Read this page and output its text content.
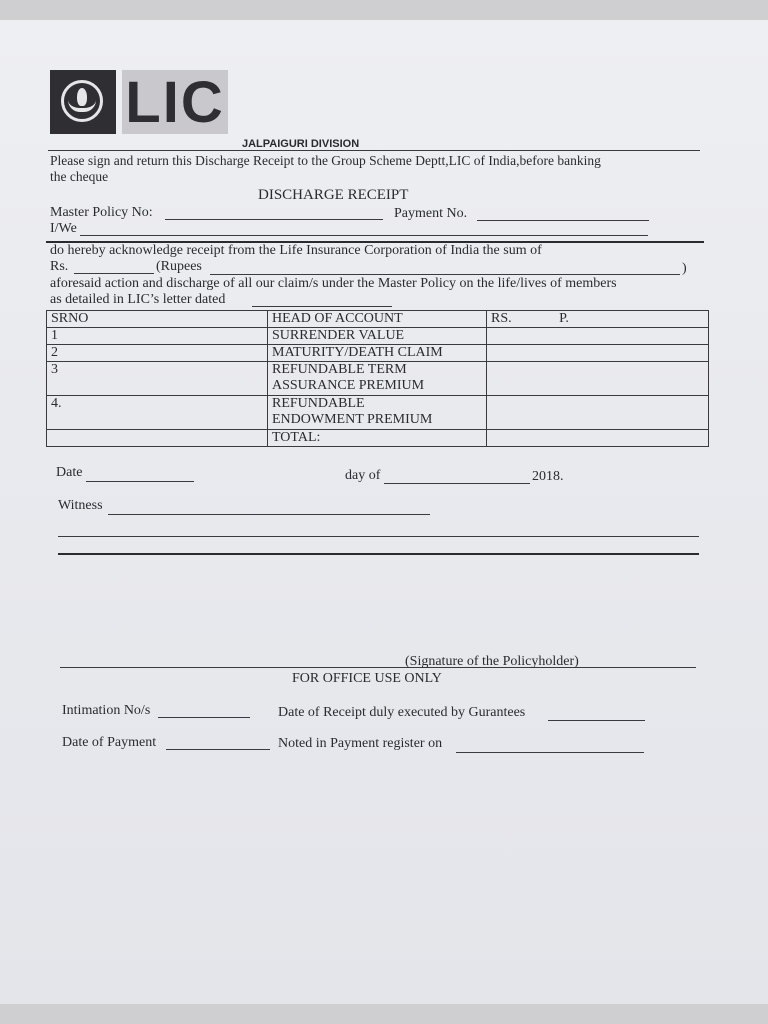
LIC
JALPAIGURI DIVISION
Please sign and return this Discharge Receipt to the Group Scheme Deptt,LIC of India,before banking
the cheque
DISCHARGE RECEIPT
Master Policy No:	Payment No.
I/We
do hereby acknowledge receipt from the Life Insurance Corporation of India the sum of
Rs.	(Rupees	)
aforesaid action and discharge of all our claim/s under the Master Policy on the life/lives of members
as detailed in LIC’s letter dated
SRNO	HEAD OF ACCOUNT	RS. P.
1	SURRENDER VALUE	
2	MATURITY/DEATH CLAIM	
3	REFUNDABLE TERM
ASSURANCE PREMIUM	

4.	REFUNDABLE
ENDOWMENT PREMIUM	

	TOTAL:	
Date	day of	2018.
Witness
(Signature of the Policyholder)
FOR OFFICE USE ONLY
Intimation No/s	Date of Receipt duly executed by Gurantees
Date of Payment	Noted in Payment register on
